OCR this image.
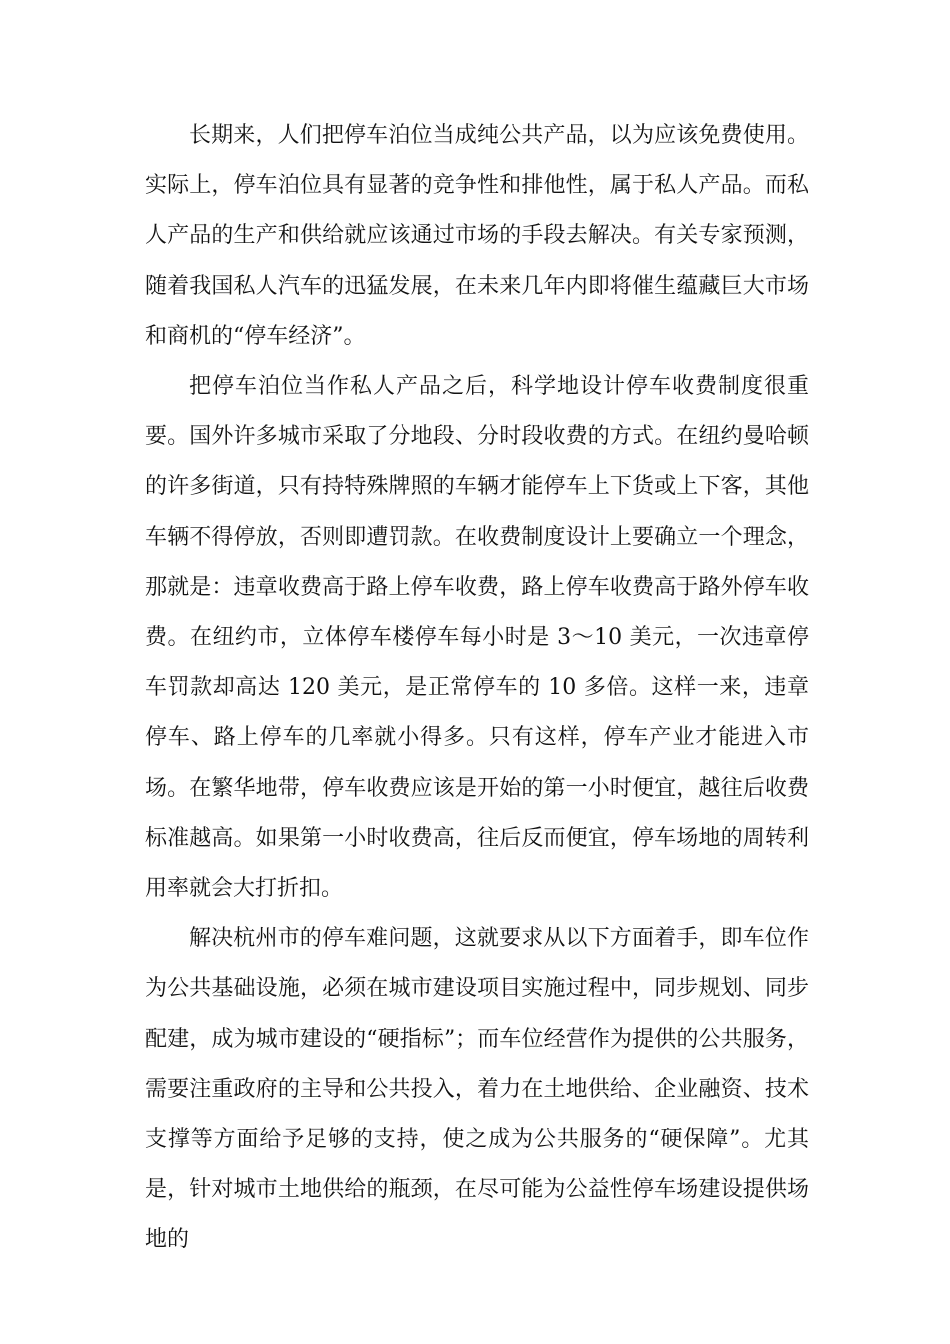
长期来，人们把停车泊位当成纯公共产品，以为应该免费使用。实际上，停车泊位具有显著的竞争性和排他性，属于私人产品。而私人产品的生产和供给就应该通过市场的手段去解决。有关专家预测，随着我国私人汽车的迅猛发展，在未来几年内即将催生蕴藏巨大市场和商机的“停车经济”。

把停车泊位当作私人产品之后，科学地设计停车收费制度很重要。国外许多城市采取了分地段、分时段收费的方式。在纽约曼哈顿的许多街道，只有持特殊牌照的车辆才能停车上下货或上下客，其他车辆不得停放，否则即遭罚款。在收费制度设计上要确立一个理念，那就是：违章收费高于路上停车收费，路上停车收费高于路外停车收费。在纽约市，立体停车楼停车每小时是 3～10 美元，一次违章停车罚款却高达 120 美元，是正常停车的 10 多倍。这样一来，违章停车、路上停车的几率就小得多。只有这样，停车产业才能进入市场。在繁华地带，停车收费应该是开始的第一小时便宜，越往后收费标准越高。如果第一小时收费高，往后反而便宜，停车场地的周转利用率就会大打折扣。

解决杭州市的停车难问题，这就要求从以下方面着手，即车位作为公共基础设施，必须在城市建设项目实施过程中，同步规划、同步配建，成为城市建设的“硬指标”；而车位经营作为提供的公共服务，需要注重政府的主导和公共投入，着力在土地供给、企业融资、技术支撑等方面给予足够的支持，使之成为公共服务的“硬保障”。尤其是，针对城市土地供给的瓶颈，在尽可能为公益性停车场建设提供场地的
